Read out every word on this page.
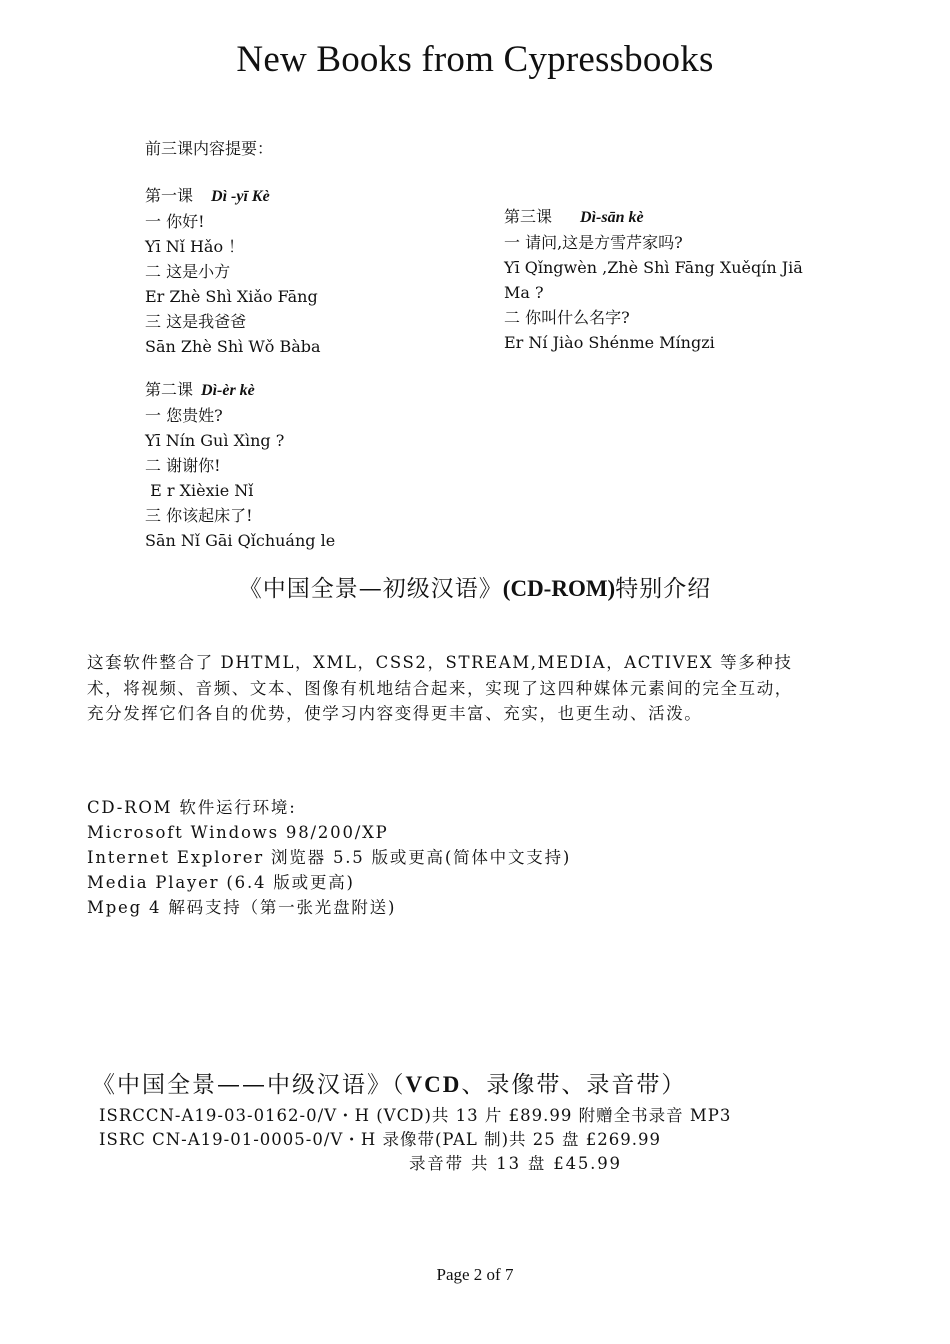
New Books from Cypressbooks
前三课内容提要：
第一课 Dì -yī Kè
一 你好!
Yī Nǐ Hǎo ！
二 这是小方
Er Zhè Shì Xiǎo Fāng
三 这是我爸爸
Sān Zhè Shì Wǒ Bàba
第二课 Dì-èr kè
一 您贵姓?
Yī Nín Guì Xìng ?
二 谢谢你!
E r Xièxie Nǐ
三 你该起床了!
Sān Nǐ Gāi Qǐchuáng le
第三课 Dì-sān kè
一 请问,这是方雪芹家吗?
Yī Qǐngwèn ,Zhè Shì Fāng Xuěqín Jiā Ma ?
二 你叫什么名字?
Er Ní Jiào Shénme Míngzi
《中国全景—初级汉语》(CD-ROM)特别介绍
这套软件整合了 DHTML，XML，CSS2，STREAM,MEDIA，ACTIVEX 等多种技术，将视频、音频、文本、图像有机地结合起来，实现了这四种媒体元素间的完全互动，充分发挥它们各自的优势，使学习内容变得更丰富、充实，也更生动、活泼。
CD-ROM 软件运行环境:
Microsoft Windows 98/200/XP
Internet Explorer 浏览器 5.5 版或更高(简体中文支持)
Media Player (6.4 版或更高)
Mpeg 4 解码支持（第一张光盘附送)
《中国全景——中级汉语》（VCD、录像带、录音带）
ISRCCN-A19-03-0162-0/V・H (VCD)共 13 片 £89.99 附赠全书录音 MP3
ISRC CN-A19-01-0005-0/V・H 录像带(PAL 制)共 25 盘 £269.99
录音带 共 13 盘 £45.99
Page 2 of 7
